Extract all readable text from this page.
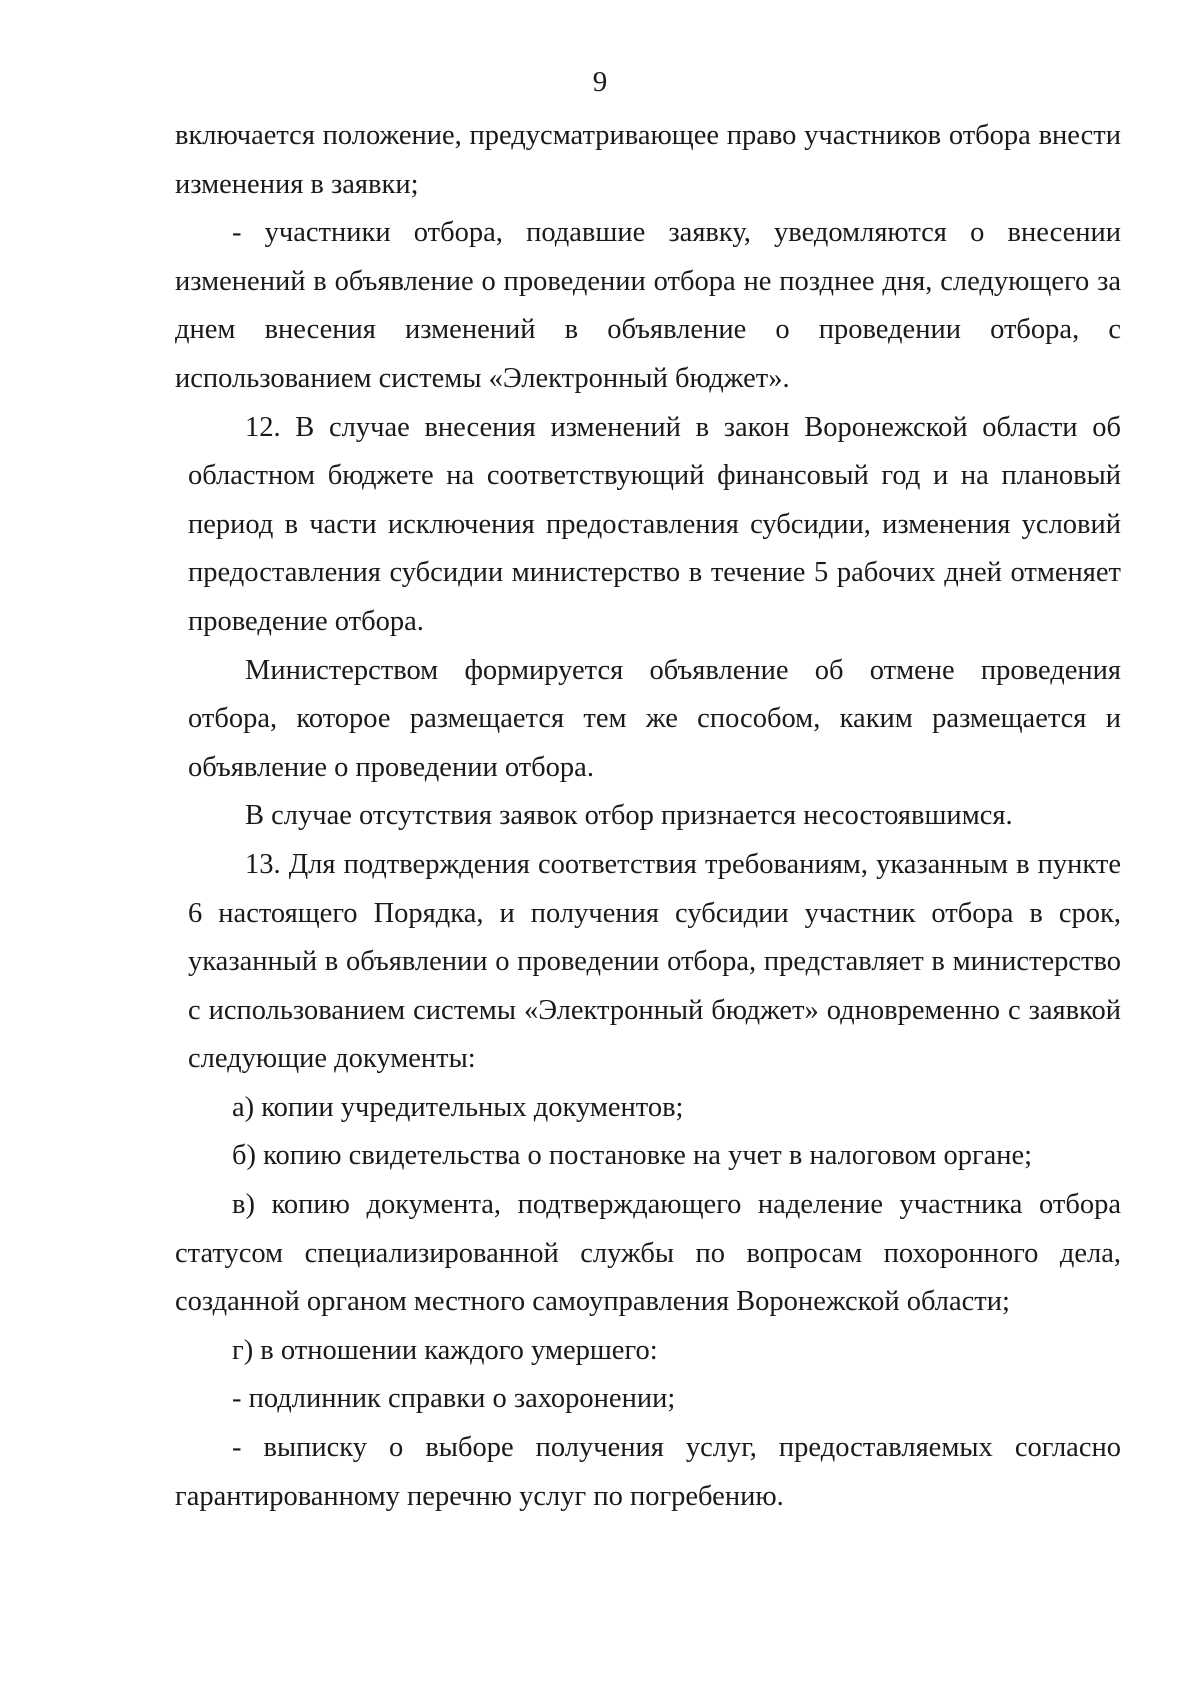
9

включается положение, предусматривающее право участников отбора внести изменения в заявки;

- участники отбора, подавшие заявку, уведомляются о внесении изменений в объявление о проведении отбора не позднее дня, следующего за днем внесения изменений в объявление о проведении отбора, с использованием системы «Электронный бюджет».

12. В случае внесения изменений в закон Воронежской области об областном бюджете на соответствующий финансовый год и на плановый период в части исключения предоставления субсидии, изменения условий предоставления субсидии министерство в течение 5 рабочих дней отменяет проведение отбора.

Министерством формируется объявление об отмене проведения отбора, которое размещается тем же способом, каким размещается и объявление о проведении отбора.

В случае отсутствия заявок отбор признается несостоявшимся.

13. Для подтверждения соответствия требованиям, указанным в пункте 6 настоящего Порядка, и получения субсидии участник отбора в срок, указанный в объявлении о проведении отбора, представляет в министерство с использованием системы «Электронный бюджет» одновременно с заявкой следующие документы:

а) копии учредительных документов;

б) копию свидетельства о постановке на учет в налоговом органе;

в) копию документа, подтверждающего наделение участника отбора статусом специализированной службы по вопросам похоронного дела, созданной органом местного самоуправления Воронежской области;

г) в отношении каждого умершего:

- подлинник справки о захоронении;

- выписку о выборе получения услуг, предоставляемых согласно гарантированному перечню услуг по погребению.
